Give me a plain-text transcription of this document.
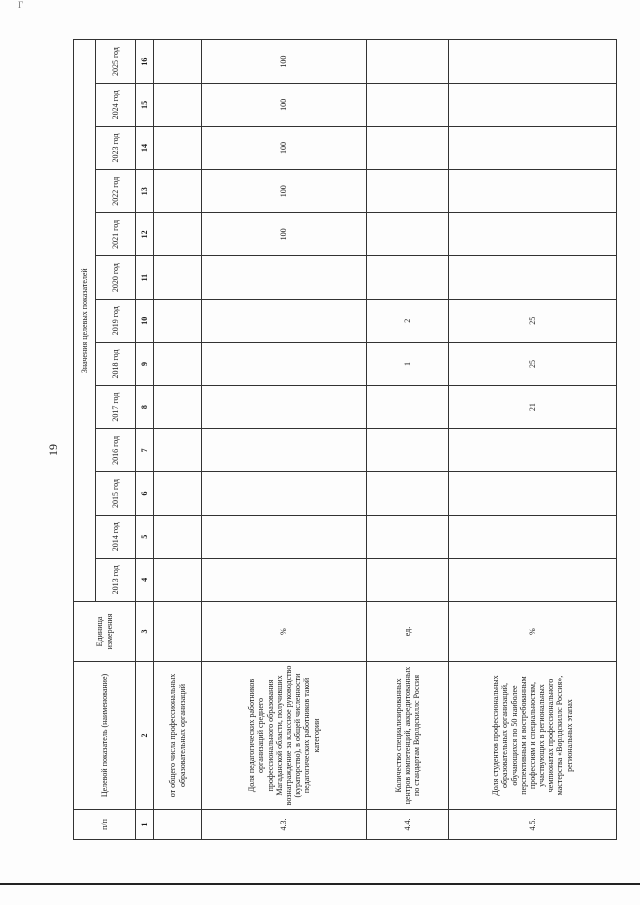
Г
19
п/п	Целевой показатель (наименование)	Единица измерения	Значения целевых показателей												
			2013 год	2014 год	2015 год	2016 год	2017 год	2018 год	2019 год	2020 год	2021 год	2022 год	2023 год	2024 год	2025 год
1	2	3	4	5	6	7	8	9	10	11	12	13	14	15	16
	от общего числа профессиональных образовательных организаций														
4.3.	Доля педагогических работников организаций среднего профессионального образования Магаданской области, получивших вознаграждение за классное руководство (кураторство), в общей численности педагогических работников такой категории	%									100	100	100	100	100
4.4.	Количество специализированных центров компетенций, аккредитованных по стандартам Ворлдскиллс Россия	ед.						1	2						
4.5.	Доля студентов профессиональных образовательных организаций, обучающихся по 50 наиболее перспективным и востребованным профессиям и специальностям, участвующих в региональных чемпионатах профессионального мастерства «Ворлдскиллс Россия», региональных этапах	%					21	25	25						
